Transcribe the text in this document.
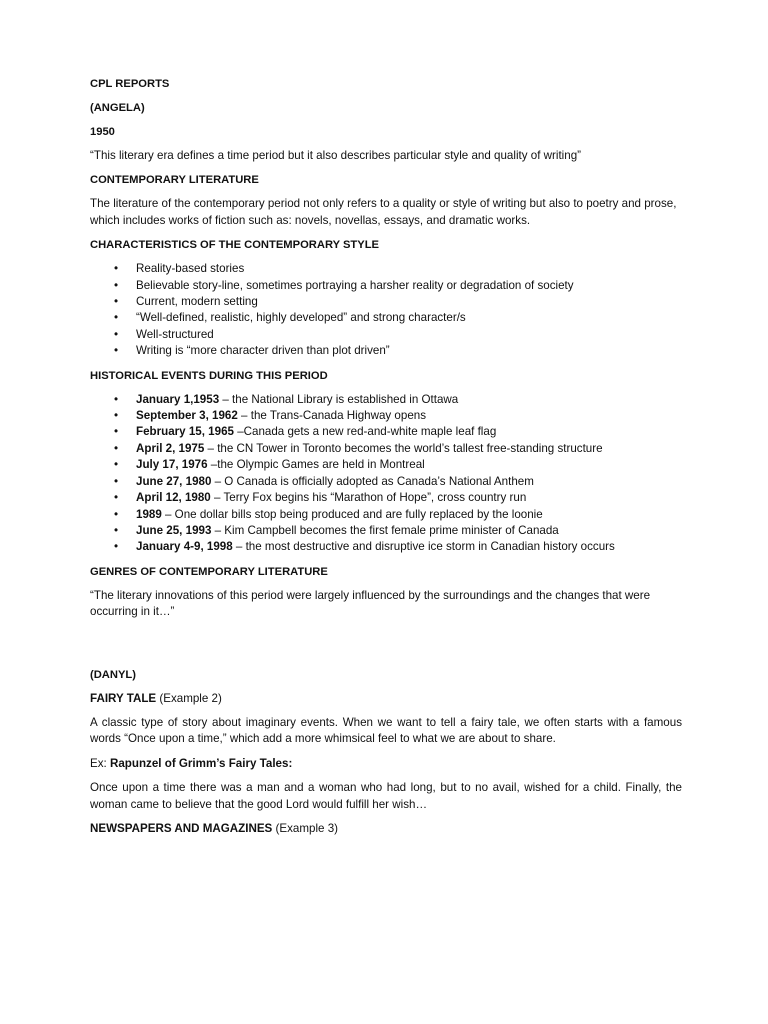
CPL REPORTS

(ANGELA)

1950

“This literary era defines a time period but it also describes particular style and quality of writing”

CONTEMPORARY LITERATURE

The literature of the contemporary period not only refers to a quality or style of writing but also to poetry and prose, which includes works of fiction such as: novels, novellas, essays, and dramatic works.

CHARACTERISTICS OF THE CONTEMPORARY STYLE

• Reality-based stories
• Believable story-line, sometimes portraying a harsher reality or degradation of society
• Current, modern setting
• “Well-defined, realistic, highly developed” and strong character/s
• Well-structured
• Writing is “more character driven than plot driven”

HISTORICAL EVENTS DURING THIS PERIOD

• January 1,1953 – the National Library is established in Ottawa
• September 3, 1962 – the Trans-Canada Highway opens
• February 15, 1965 –Canada gets a new red-and-white maple leaf flag
• April 2, 1975 – the CN Tower in Toronto becomes the world’s tallest free-standing structure
• July 17, 1976 –the Olympic Games are held in Montreal
• June 27, 1980 – O Canada is officially adopted as Canada’s National Anthem
• April 12, 1980 – Terry Fox begins his “Marathon of Hope”, cross country run
• 1989 – One dollar bills stop being produced and are fully replaced by the loonie
• June 25, 1993 – Kim Campbell becomes the first female prime minister of Canada
• January 4-9, 1998 – the most destructive and disruptive ice storm in Canadian history occurs

GENRES OF CONTEMPORARY LITERATURE

“The literary innovations of this period were largely influenced by the surroundings and the changes that were occurring in it…”

(DANYL)

FAIRY TALE (Example 2)

A classic type of story about imaginary events. When we want to tell a fairy tale, we often starts with a famous words “Once upon a time,” which add a more whimsical feel to what we are about to share.

Ex: Rapunzel of Grimm’s Fairy Tales:

Once upon a time there was a man and a woman who had long, but to no avail, wished for a child. Finally, the woman came to believe that the good Lord would fulfill her wish…

NEWSPAPERS AND MAGAZINES (Example 3)
